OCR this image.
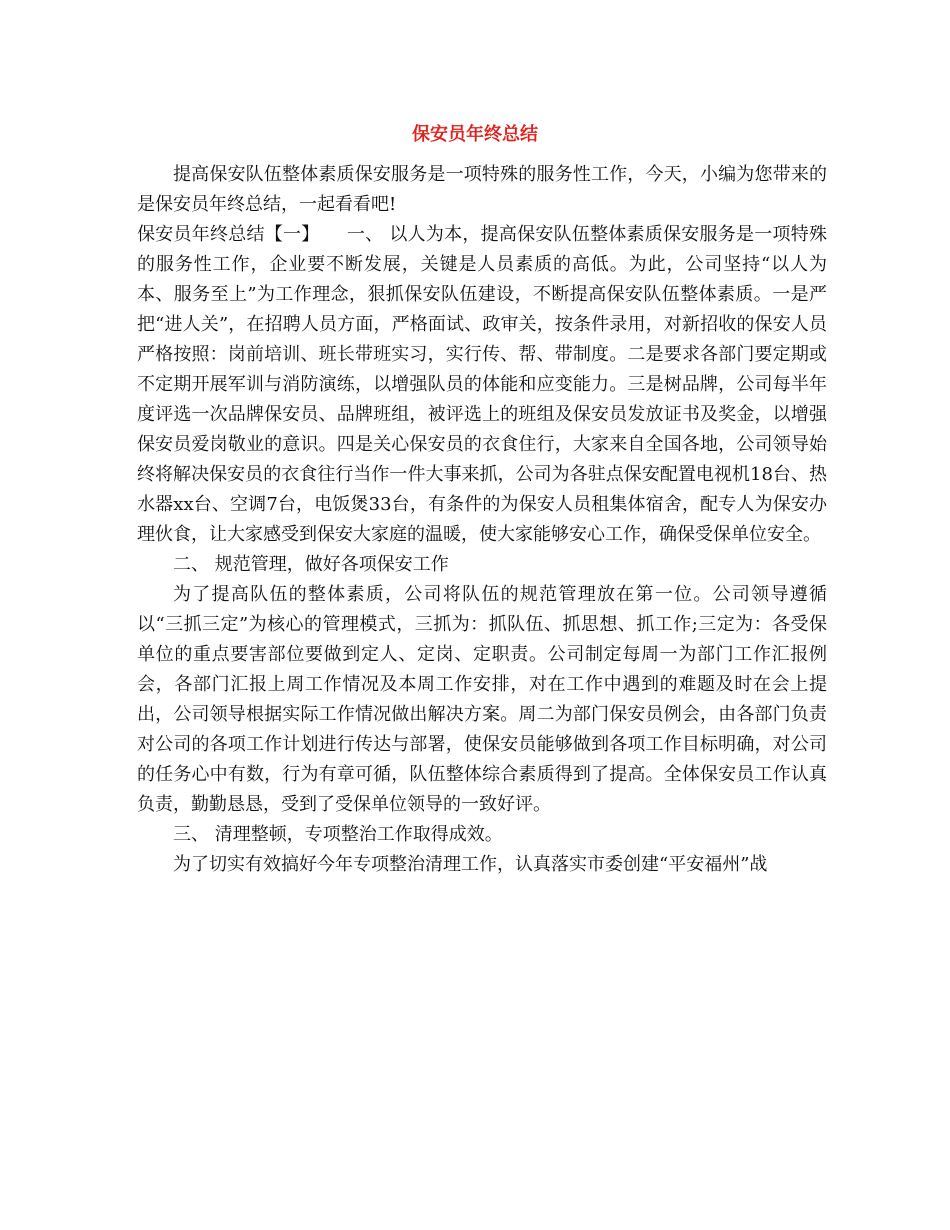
保安员年终总结

提高保安队伍整体素质保安服务是一项特殊的服务性工作，今天，小编为您带来的是保安员年终总结，一起看看吧!

保安员年终总结【一】　　一、 以人为本，提高保安队伍整体素质保安服务是一项特殊的服务性工作，企业要不断发展，关键是人员素质的高低。为此，公司坚持“以人为本、服务至上”为工作理念，狠抓保安队伍建设，不断提高保安队伍整体素质。一是严把“进人关”，在招聘人员方面，严格面试、政审关，按条件录用，对新招收的保安人员严格按照：岗前培训、班长带班实习，实行传、帮、带制度。二是要求各部门要定期或不定期开展军训与消防演练，以增强队员的体能和应变能力。三是树品牌，公司每半年度评选一次品牌保安员、品牌班组，被评选上的班组及保安员发放证书及奖金，以增强保安员爱岗敬业的意识。四是关心保安员的衣食住行，大家来自全国各地，公司领导始终将解决保安员的衣食往行当作一件大事来抓，公司为各驻点保安配置电视机18台、热水器xx台、空调7台，电饭煲33台，有条件的为保安人员租集体宿舍，配专人为保安办理伙食，让大家感受到保安大家庭的温暖，使大家能够安心工作，确保受保单位安全。

二、 规范管理，做好各项保安工作

为了提高队伍的整体素质，公司将队伍的规范管理放在第一位。公司领导遵循以“三抓三定”为核心的管理模式，三抓为：抓队伍、抓思想、抓工作;三定为：各受保单位的重点要害部位要做到定人、定岗、定职责。公司制定每周一为部门工作汇报例会，各部门汇报上周工作情况及本周工作安排，对在工作中遇到的难题及时在会上提出，公司领导根据实际工作情况做出解决方案。周二为部门保安员例会，由各部门负责对公司的各项工作计划进行传达与部署，使保安员能够做到各项工作目标明确，对公司的任务心中有数，行为有章可循，队伍整体综合素质得到了提高。全体保安员工作认真负责，勤勤恳恳，受到了受保单位领导的一致好评。

三、 清理整顿，专项整治工作取得成效。

为了切实有效搞好今年专项整治清理工作，认真落实市委创建“平安福州”战
